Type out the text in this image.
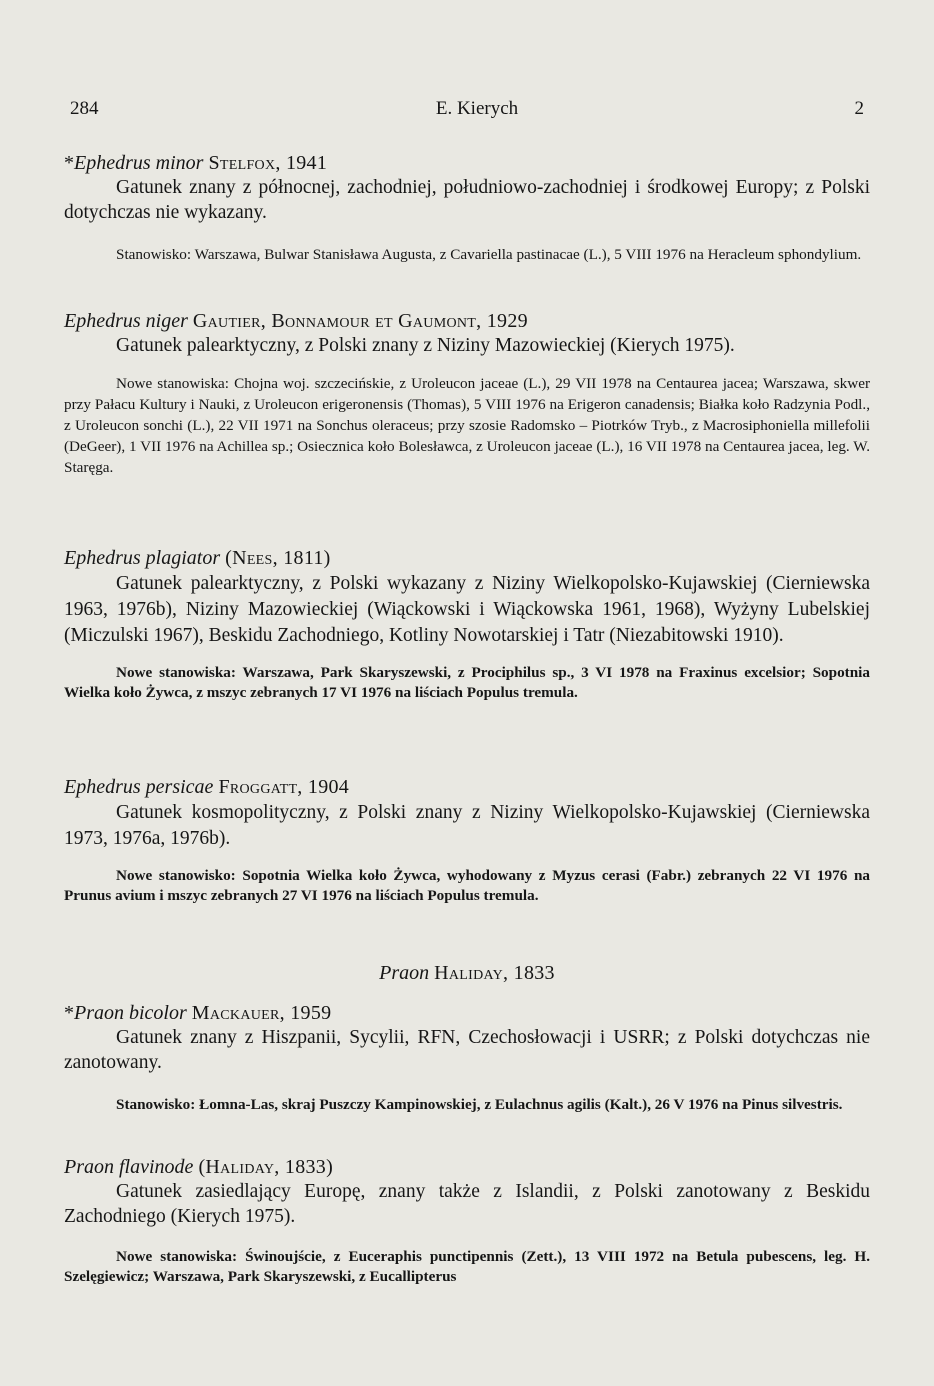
284	E. Kierych	2
*Ephedrus minor Stelfox, 1941

Gatunek znany z północnej, zachodniej, południowo-zachodniej i środkowej Europy; z Polski dotychczas nie wykazany.

Stanowisko: Warszawa, Bulwar Stanisława Augusta, z Cavariella pastinacae (L.), 5 VIII 1976 na Heracleum sphondylium.

Ephedrus niger Gautier, Bonnamour et Gaumont, 1929

Gatunek palearktyczny, z Polski znany z Niziny Mazowieckiej (Kierych 1975).

Nowe stanowiska: Chojna woj. szczecińskie, z Uroleucon jaceae (L.), 29 VII 1978 na Centaurea jacea; Warszawa, skwer przy Pałacu Kultury i Nauki, z Uroleucon erigeronensis (Thomas), 5 VIII 1976 na Erigeron canadensis; Białka koło Radzynia Podl., z Uroleucon sonchi (L.), 22 VII 1971 na Sonchus oleraceus; przy szosie Radomsko – Piotrków Tryb., z Macrosiphoniella millefolii (DeGeer), 1 VII 1976 na Achillea sp.; Osiecznica koło Bolesławca, z Uroleucon jaceae (L.), 16 VII 1978 na Centaurea jacea, leg. W. Staręga.

Ephedrus plagiator (Nees, 1811)

Gatunek palearktyczny, z Polski wykazany z Niziny Wielkopolsko-Kujawskiej (Cierniewska 1963, 1976b), Niziny Mazowieckiej (Wiąckowski i Wiąckowska 1961, 1968), Wyżyny Lubelskiej (Miczulski 1967), Beskidu Zachodniego, Kotliny Nowotarskiej i Tatr (Niezabitowski 1910).

Nowe stanowiska: Warszawa, Park Skaryszewski, z Prociphilus sp., 3 VI 1978 na Fraxinus excelsior; Sopotnia Wielka koło Żywca, z mszyc zebranych 17 VI 1976 na liściach Populus tremula.

Ephedrus persicae Froggatt, 1904

Gatunek kosmopolityczny, z Polski znany z Niziny Wielkopolsko-Kujawskiej (Cierniewska 1973, 1976a, 1976b).

Nowe stanowisko: Sopotnia Wielka koło Żywca, wyhodowany z Myzus cerasi (Fabr.) zebranych 22 VI 1976 na Prunus avium i mszyc zebranych 27 VI 1976 na liściach Populus tremula.

Praon Haliday, 1833
*Praon bicolor Mackauer, 1959

Gatunek znany z Hiszpanii, Sycylii, RFN, Czechosłowacji i USRR; z Polski dotychczas nie zanotowany.

Stanowisko: Łomna-Las, skraj Puszczy Kampinowskiej, z Eulachnus agilis (Kalt.), 26 V 1976 na Pinus silvestris.

Praon flavinode (Haliday, 1833)

Gatunek zasiedlający Europę, znany także z Islandii, z Polski zanotowany z Beskidu Zachodniego (Kierych 1975).

Nowe stanowiska: Świnoujście, z Euceraphis punctipennis (Zett.), 13 VIII 1972 na Betula pubescens, leg. H. Szelęgiewicz; Warszawa, Park Skaryszewski, z Eucallipterus
